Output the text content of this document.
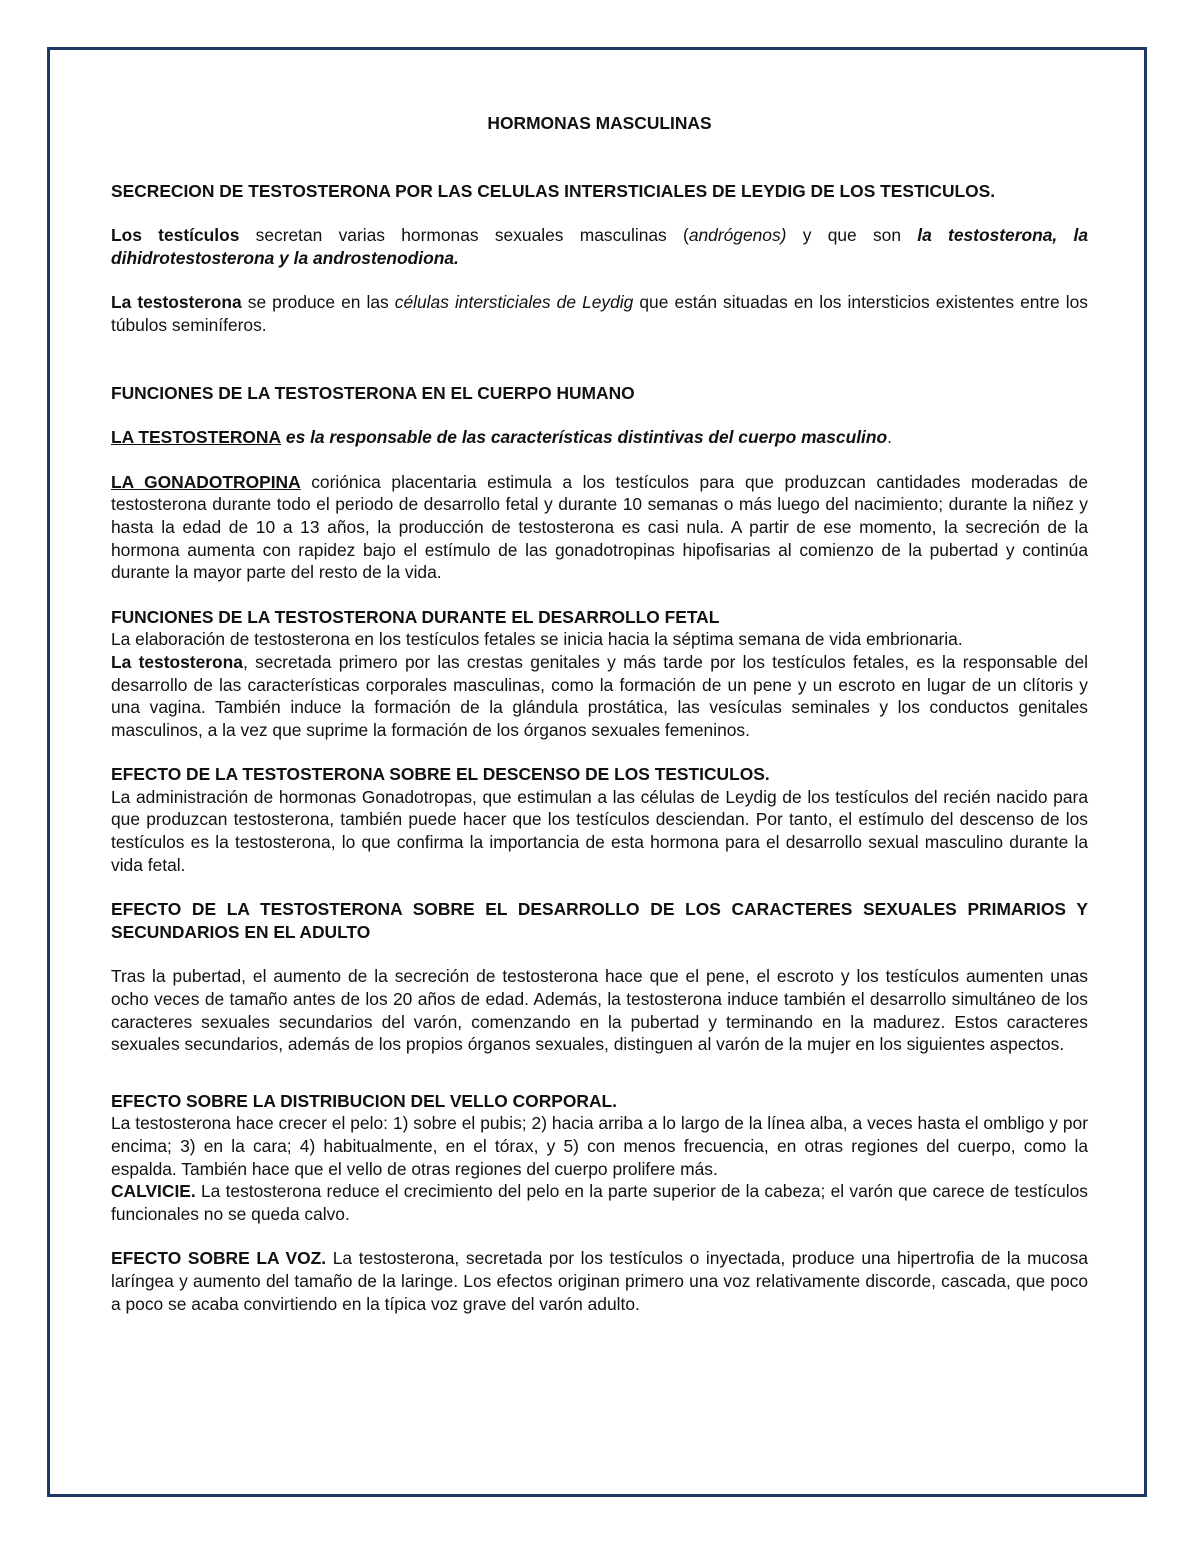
HORMONAS MASCULINAS

SECRECION DE TESTOSTERONA POR LAS CELULAS INTERSTICIALES DE LEYDIG DE LOS TESTICULOS.

Los testículos secretan varias hormonas sexuales masculinas (andrógenos) y que son la testosterona, la dihidrotestosterona y la androstenodiona.

La testosterona se produce en las células intersticiales de Leydig que están situadas en los intersticios existentes entre los túbulos seminíferos.

FUNCIONES DE LA TESTOSTERONA EN EL CUERPO HUMANO

LA TESTOSTERONA es la responsable de las características distintivas del cuerpo masculino.

LA GONADOTROPINA coriónica placentaria estimula a los testículos para que produzcan cantidades moderadas de testosterona durante todo el periodo de desarrollo fetal y durante 10 semanas o más luego del nacimiento; durante la niñez y hasta la edad de 10 a 13 años, la producción de testosterona es casi nula. A partir de ese momento, la secreción de la hormona aumenta con rapidez bajo el estímulo de las gonadotropinas hipofisarias al comienzo de la pubertad y continúa durante la mayor parte del resto de la vida.

FUNCIONES DE LA TESTOSTERONA DURANTE EL DESARROLLO FETAL

La elaboración de testosterona en los testículos fetales se inicia hacia la séptima semana de vida embrionaria.

La testosterona, secretada primero por las crestas genitales y más tarde por los testículos fetales, es la responsable del desarrollo de las características corporales masculinas, como la formación de un pene y un escroto en lugar de un clítoris y una vagina. También induce la formación de la glándula prostática, las vesículas seminales y los conductos genitales masculinos, a la vez que suprime la formación de los órganos sexuales femeninos.

EFECTO DE LA TESTOSTERONA SOBRE EL DESCENSO DE LOS TESTICULOS.

La administración de hormonas Gonadotropas, que estimulan a las células de Leydig de los testículos del recién nacido para que produzcan testosterona, también puede hacer que los testículos desciendan. Por tanto, el estímulo del descenso de los testículos es la testosterona, lo que confirma la importancia de esta hormona para el desarrollo sexual masculino durante la vida fetal.

EFECTO DE LA TESTOSTERONA SOBRE EL DESARROLLO DE LOS CARACTERES SEXUALES PRIMARIOS Y SECUNDARIOS EN EL ADULTO

Tras la pubertad, el aumento de la secreción de testosterona hace que el pene, el escroto y los testículos aumenten unas ocho veces de tamaño antes de los 20 años de edad. Además, la testosterona induce también el desarrollo simultáneo de los caracteres sexuales secundarios del varón, comenzando en la pubertad y terminando en la madurez. Estos caracteres sexuales secundarios, además de los propios órganos sexuales, distinguen al varón de la mujer en los siguientes aspectos.

EFECTO SOBRE LA DISTRIBUCION DEL VELLO CORPORAL.

La testosterona hace crecer el pelo: 1) sobre el pubis; 2) hacia arriba a lo largo de la línea alba, a veces hasta el ombligo y por encima; 3) en la cara; 4) habitualmente, en el tórax, y 5) con menos frecuencia, en otras regiones del cuerpo, como la espalda. También hace que el vello de otras regiones del cuerpo prolifere más.

CALVICIE. La testosterona reduce el crecimiento del pelo en la parte superior de la cabeza; el varón que carece de testículos funcionales no se queda calvo.

EFECTO SOBRE LA VOZ. La testosterona, secretada por los testículos o inyectada, produce una hipertrofia de la mucosa laríngea y aumento del tamaño de la laringe. Los efectos originan primero una voz relativamente discorde, cascada, que poco a poco se acaba convirtiendo en la típica voz grave del varón adulto.
